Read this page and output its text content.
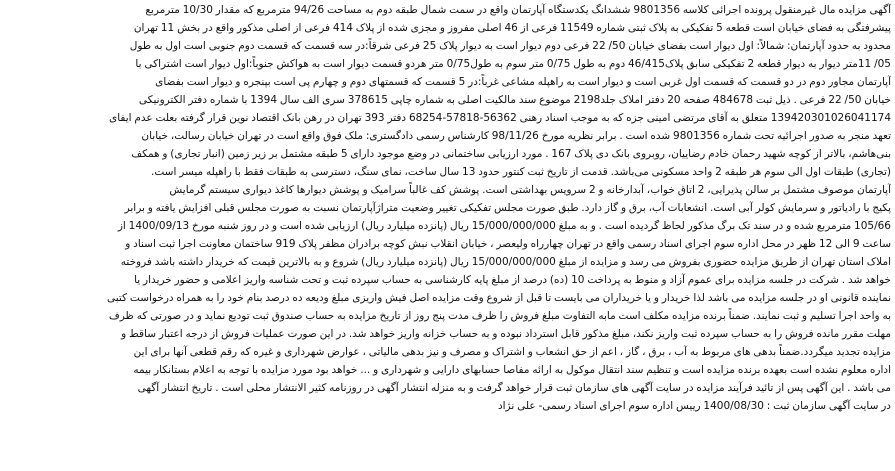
آگهی مزایده مال غیرمنقول پرونده اجرائی کلاسه 9801356 ششدانگ یکدستگاه آپارتمان واقع در سمت شمال طبقه دوم به مساحت 94/26 مترمربع که مقدار 10/30 مترمربع
پیشرفتگی به فضای خیابان است قطعه 5 تفکیکی به پلاک ثبتی شماره 11549 فرعی از 46 اصلی مفروز و مجزی شده از پلاک 414 فرعی از اصلی مذکور واقع در بخش 11 تهران
محدود به حدود آپارتمان: شمالاً: اول دیوار است بفضای خیابان 50/ 22 فرعی دوم دیوار است به دیوار پلاک 25 فرعی شرقاً:در سه قسمت که قسمت دوم جنوبی است اول به طول
05/ 11متر دیوار به دیوار قطعه 2 تفکیکی سابق پلاک46/415 دوم به طول 0/75 متر سوم به طول0/75 متر هردو قسمت دیوار است به هواکش جنوباً:اول دیوار است اشتراکی با
آپارتمان مجاور دوم در دو قسمت که قسمت اول غربی است و دیوار است به راهپله مشاعی غرباً:در 5 قسمت که قسمتهای دوم و چهارم پی است بپنجره و دیوار است بفضای
خیابان 50/ 22 فرعی . ذیل ثبت 484678 صفحه 20 دفتر املاک جلد2198 موضوع سند مالکیت اصلی به شماره چاپی 378615 سری الف سال 1394 با شماره دفتر الکترونیکی
139420301026041174 متعلق به آقای مرتضی امینی جزه که به موجب اسناد رهنی 56362-57818-68254 دفتر 393 تهران در رهن بانک اقتصاد نوین قرار گرفته بعلت عدم ایفای
تعهد منجر به صدور اجرائیه تحت شماره 9801356 شده است . برابر نظریه مورخ 98/11/26 کارشناس رسمی دادگستری: ملک فوق واقع است در تهران خیابان رسالت، خیابان
بنی‌هاشم، بالاتر از کوچه شهید رحمان خادم رضاییان، روبروی بانک دی پلاک 167 . مورد ارزیابی ساختمانی در وضع موجود دارای 5 طبقه مشتمل بر زیر زمین (انبار تجاری) و همکف
(تجاری) طبقات اول الی سوم هر طبقه 2 واحد مسکونی می‌باشد. قدمت از تاریخ ثبت کنتور حدود 13 سال ساخت، نمای سنگ، دسترسی به طبقات فقط با راهپله میسر است.
آپارتمان موصوف مشتمل بر سالن پذیرایی، 2 اتاق خواب، آبدارخانه و 2 سرویس بهداشتی است. پوشش کف غالباً سرامیک و پوشش دیوارها کاغذ دیواری سیستم گرمایش
پکیج با رادیاتور و سرمایش کولر آبی است. انشعابات آب، برق و گاز دارد. طبق صورت مجلس تفکیکی تغییر وضعیت متراژآپارتمان نسبت به صورت مجلس قبلی افزایش یافته و برابر
105/66 مترمربع شده و در سند تک برگ مذکور لحاظ گردیده است . و به مبلغ 15/000/000/000 ریال (پانزده میلیارد ریال) ارزیابی شده است و در روز شنبه مورخ 1400/09/13 از
ساعت 9 الی 12 ظهر در محل اداره سوم اجرای اسناد رسمی واقع در تهران چهارراه ولیعصر ، خیابان انقلاب نبش کوچه برادران مظفر پلاک 919 ساختمان معاونت اجرا ثبت اسناد و
املاک استان تهران از طریق مزایده حضوری بفروش می رسد و مزایده از مبلغ 15/000/000/000 ریال (پانزده میلیارد ریال) شروع و به بالاترین قیمت که خریدار داشته باشد فروخته
خواهد شد . شرکت در جلسه مزایده برای عموم آزاد و منوط به پرداخت 10 (ده) درصد از مبلغ پایه کارشناسی به حساب سپرده ثبت و تحت شناسه واریز اعلامی و حضور خریدار یا
نماینده قانونی او در جلسه مزایده می باشد لذا خریدار و یا خریداران می بایست تا قبل از شروع وقت مزایده اصل فیش واریزی مبلغ ودیعه ده درصد بنام خود را به همراه درخواست کتبی
به واحد اجرا تسلیم و ثبت نمایند. ضمناً برنده مزایده مکلف است مابه التفاوت مبلغ فروش را ظرف مدت پنج روز از تاریخ مزایده به حساب صندوق ثبت تودیع نماید و در صورتی که ظرف
مهلت مقرر مانده فروش را به حساب سپرده ثبت واریز نکند، مبلغ مذکور قابل استرداد نبوده و به حساب خزانه واریز خواهد شد. در این صورت عملیات فروش از درجه اعتبار ساقط و
مزایده تجدید میگردد.ضمناً بدهی های مربوط به آب ، برق ، گاز ، اعم از حق انشعاب و اشتراک و مصرف و نیز بدهی مالیاتی ، عوارض شهرداری و غیره که رقم قطعی آنها برای این
اداره معلوم نشده است بعهده برنده مزایده است و تنظیم سند انتقال موکول به ارائه مفاصا حسابهای دارایی و شهرداری و ... خواهد بود مورد مزایده با توجه به اعلام بستانکار بیمه
می باشد . این آگهی پس از تائید فرآیند مزایده در سایت آگهی های سازمان ثبت قرار خواهد گرفت و به منزله انتشار آگهی در روزنامه کثیر الانتشار محلی است . تاریخ انتشار آگهی
در سایت آگهی سازمان ثبت : 1400/08/30 رییس اداره سوم اجرای اسناد رسمی- علی نژاد
